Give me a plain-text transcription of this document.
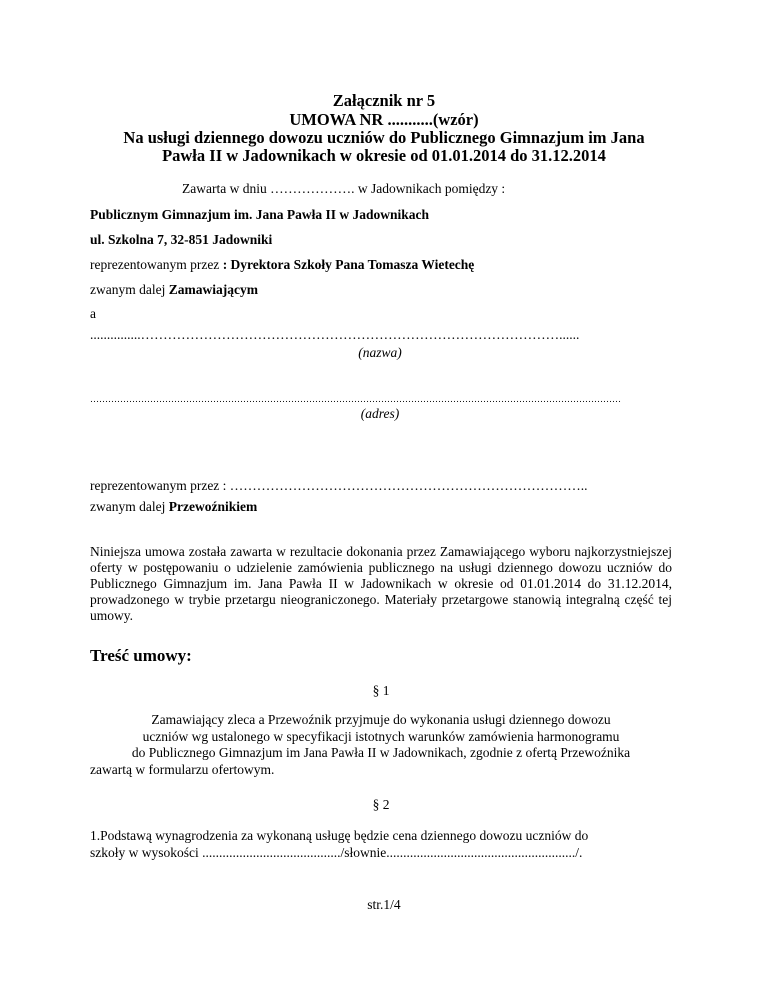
Załącznik nr 5
UMOWA NR ...........(wzór)
Na usługi dziennego dowozu uczniów do Publicznego Gimnazjum im Jana
Pawła II w Jadownikach w okresie od 01.01.2014 do 31.12.2014
Zawarta w dniu ………………. w Jadownikach pomiędzy :
Publicznym Gimnazjum im. Jana Pawła II w Jadownikach
ul. Szkolna 7, 32-851 Jadowniki
reprezentowanym przez : Dyrektora Szkoły Pana Tomasza Wietechę
zwanym dalej Zamawiającym
a
...............…………………………………………………………………………………......
(nazwa)
……………………………………………………………………………………………………………………………………………………………
(adres)
reprezentowanym przez : ……………………………………………………………………..
zwanym dalej Przewoźnikiem
Niniejsza umowa została zawarta w rezultacie dokonania przez Zamawiającego wyboru najkorzystniejszej oferty w postępowaniu o udzielenie zamówienia publicznego na usługi dziennego dowozu uczniów do Publicznego Gimnazjum im. Jana Pawła II w Jadownikach w okresie od 01.01.2014 do 31.12.2014, prowadzonego w trybie przetargu nieograniczonego. Materiały przetargowe stanowią integralną część tej umowy.
Treść umowy:
§ 1
Zamawiający zleca a Przewoźnik przyjmuje do wykonania usługi dziennego dowozu
uczniów wg ustalonego w specyfikacji istotnych warunków zamówienia harmonogramu
do Publicznego Gimnazjum im Jana Pawła II w Jadownikach, zgodnie z ofertą Przewoźnika
zawartą w formularzu ofertowym.
§ 2
1.Podstawą wynagrodzenia za wykonaną usługę będzie cena dziennego dowozu uczniów do
szkoły w wysokości ........................................./słownie......................................................../.
str.1/4
